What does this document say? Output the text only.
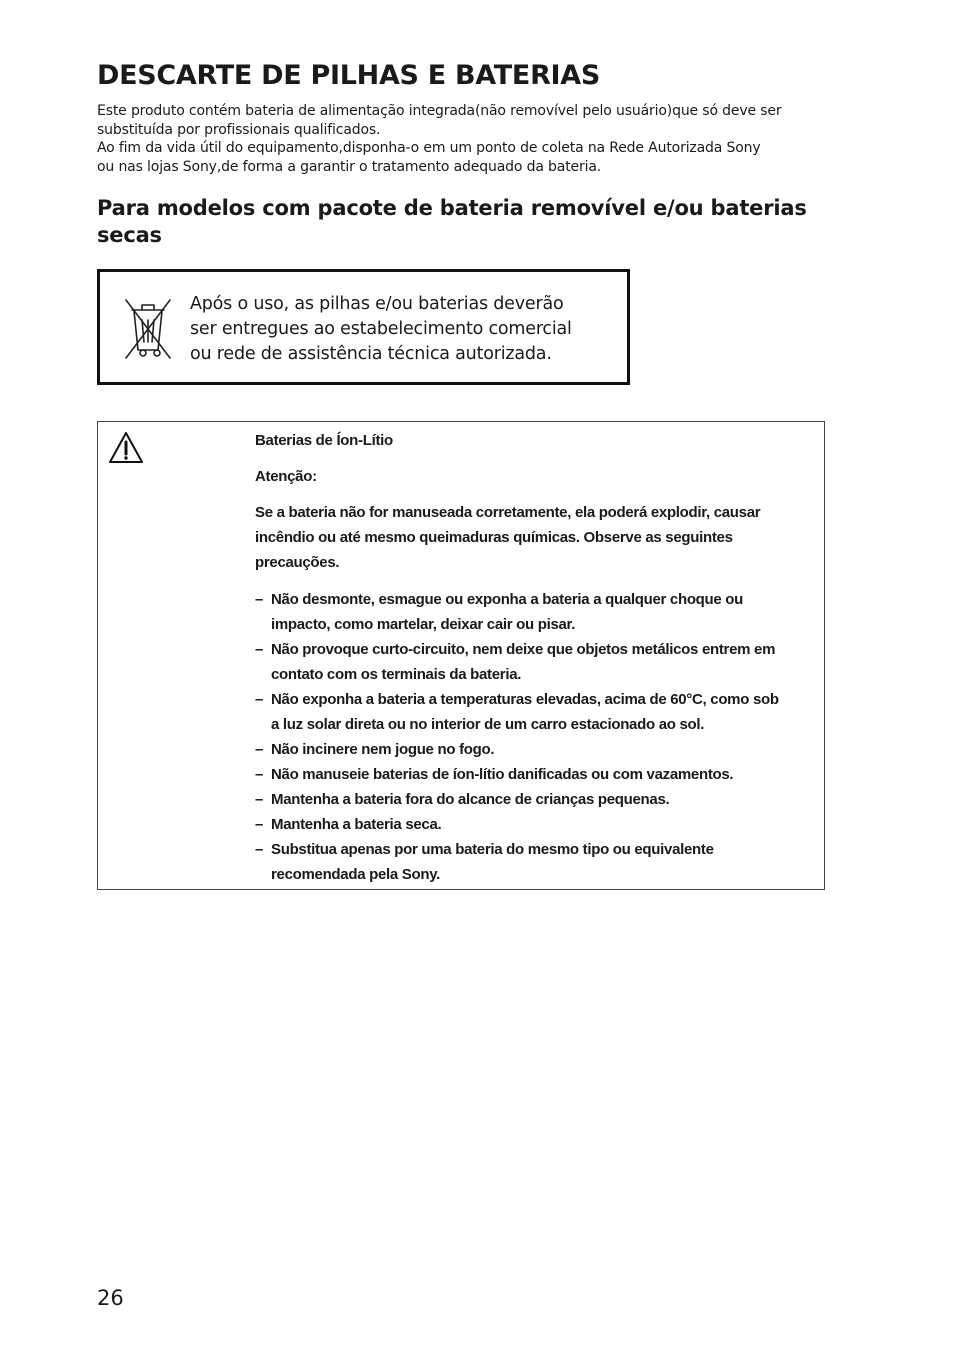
DESCARTE DE PILHAS E BATERIAS

Este produto contém bateria de alimentação integrada(não removível pelo usuário)que só deve ser

substituída por profissionais qualificados.

Ao fim da vida útil do equipamento,disponha-o em um ponto de coleta na Rede Autorizada Sony

ou nas lojas Sony,de forma a garantir o tratamento adequado da bateria.

Para modelos com pacote de bateria removível e/ou baterias secas
Após o uso, as pilhas e/ou baterias deverão
ser entregues ao estabelecimento comercial
ou rede de assistência técnica autorizada.

Baterias de Íon-Lítio

Atenção:

Se a bateria não for manuseada corretamente, ela poderá explodir, causar
incêndio ou até mesmo queimaduras químicas. Observe as seguintes
precauções.

– Não desmonte, esmague ou exponha a bateria a qualquer choque ou
impacto, como martelar, deixar cair ou pisar.
– Não provoque curto-circuito, nem deixe que objetos metálicos entrem em
contato com os terminais da bateria.
– Não exponha a bateria a temperaturas elevadas, acima de 60°C, como sob
a luz solar direta ou no interior de um carro estacionado ao sol.
– Não incinere nem jogue no fogo.
– Não manuseie baterias de íon-lítio danificadas ou com vazamentos.
– Mantenha a bateria fora do alcance de crianças pequenas.
– Mantenha a bateria seca.
– Substitua apenas por uma bateria do mesmo tipo ou equivalente
recomendada pela Sony.
26
